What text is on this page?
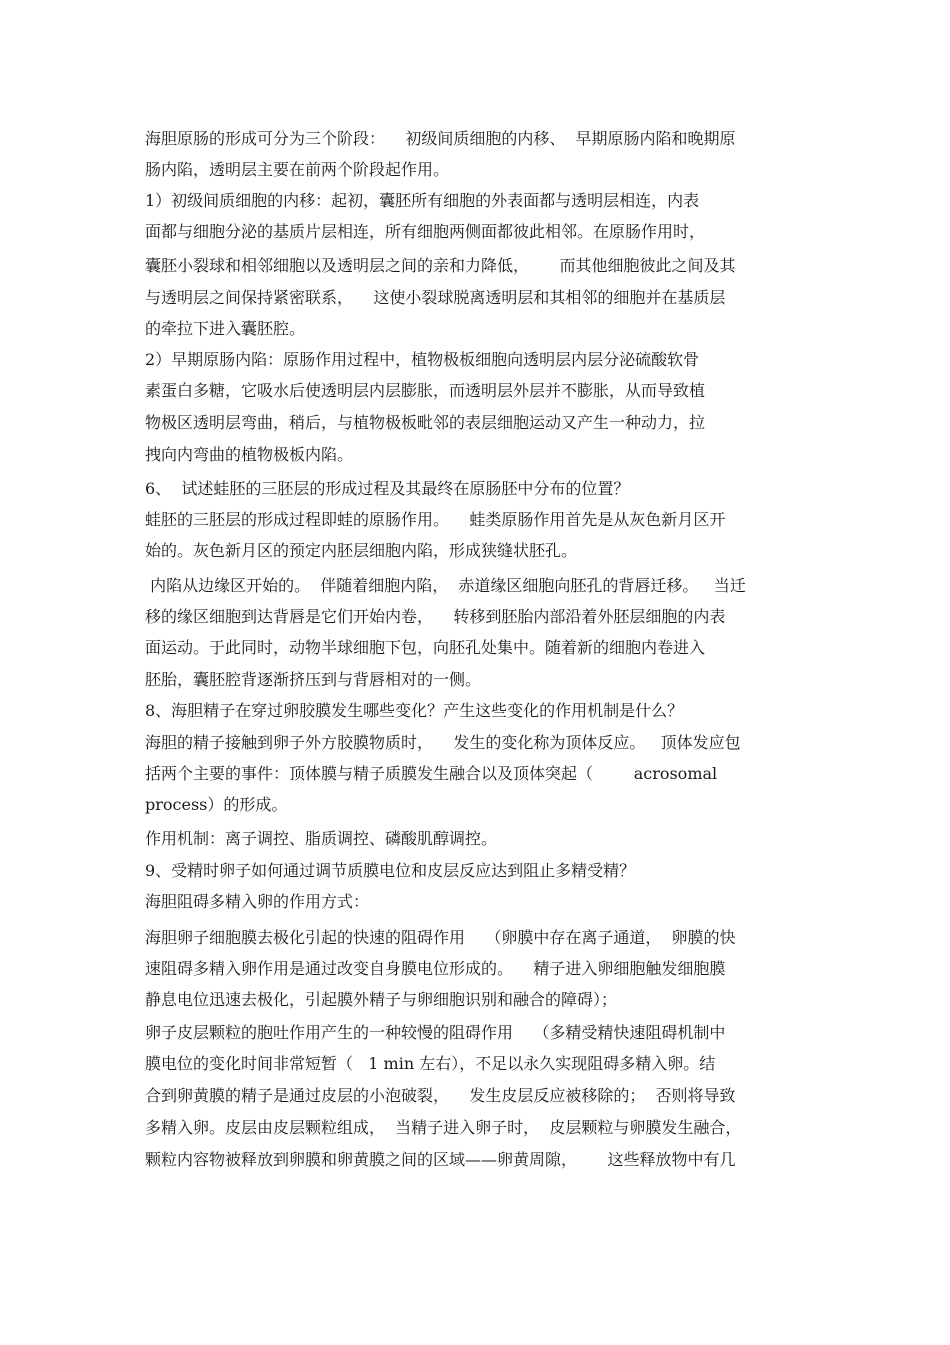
海胆原肠的形成可分为三个阶段：    初级间质细胞的内移、  早期原肠内陷和晚期原

肠内陷，透明层主要在前两个阶段起作用。

1）初级间质细胞的内移：起初，囊胚所有细胞的外表面都与透明层相连，内表

面都与细胞分泌的基质片层相连，所有细胞两侧面都彼此相邻。在原肠作用时，

囊胚小裂球和相邻细胞以及透明层之间的亲和力降低，      而其他细胞彼此之间及其

与透明层之间保持紧密联系，    这使小裂球脱离透明层和其相邻的细胞并在基质层

的牵拉下进入囊胚腔。

2）早期原肠内陷：原肠作用过程中，植物极板细胞向透明层内层分泌硫酸软骨

素蛋白多糖，它吸水后使透明层内层膨胀，而透明层外层并不膨胀，从而导致植

物极区透明层弯曲，稍后，与植物极板毗邻的表层细胞运动又产生一种动力，拉

拽向内弯曲的植物极板内陷。

6、  试述蛙胚的三胚层的形成过程及其最终在原肠胚中分布的位置？

蛙胚的三胚层的形成过程即蛙的原肠作用。    蛙类原肠作用首先是从灰色新月区开

始的。灰色新月区的预定内胚层细胞内陷，形成狭缝状胚孔。

内陷从边缘区开始的。  伴随着细胞内陷，  赤道缘区细胞向胚孔的背唇迁移。   当迁

移的缘区细胞到达背唇是它们开始内卷，    转移到胚胎内部沿着外胚层细胞的内表

面运动。于此同时，动物半球细胞下包，向胚孔处集中。随着新的细胞内卷进入

胚胎，囊胚腔背逐渐挤压到与背唇相对的一侧。

8、海胆精子在穿过卵胶膜发生哪些变化？产生这些变化的作用机制是什么？

海胆的精子接触到卵子外方胶膜物质时，    发生的变化称为顶体反应。   顶体发应包

括两个主要的事件：顶体膜与精子质膜发生融合以及顶体突起（        acrosomal

process）的形成。

作用机制：离子调控、脂质调控、磷酸肌醇调控。

9、受精时卵子如何通过调节质膜电位和皮层反应达到阻止多精受精？

海胆阻碍多精入卵的作用方式：

海胆卵子细胞膜去极化引起的快速的阻碍作用    （卵膜中存在离子通道，  卵膜的快

速阻碍多精入卵作用是通过改变自身膜电位形成的。    精子进入卵细胞触发细胞膜

静息电位迅速去极化，引起膜外精子与卵细胞识别和融合的障碍）；

卵子皮层颗粒的胞吐作用产生的一种较慢的阻碍作用    （多精受精快速阻碍机制中

膜电位的变化时间非常短暂（   1 min 左右），不足以永久实现阻碍多精入卵。结

合到卵黄膜的精子是通过皮层的小泡破裂，    发生皮层反应被移除的；  否则将导致

多精入卵。皮层由皮层颗粒组成，  当精子进入卵子时，  皮层颗粒与卵膜发生融合，

颗粒内容物被释放到卵膜和卵黄膜之间的区域——卵黄周隙，      这些释放物中有几
